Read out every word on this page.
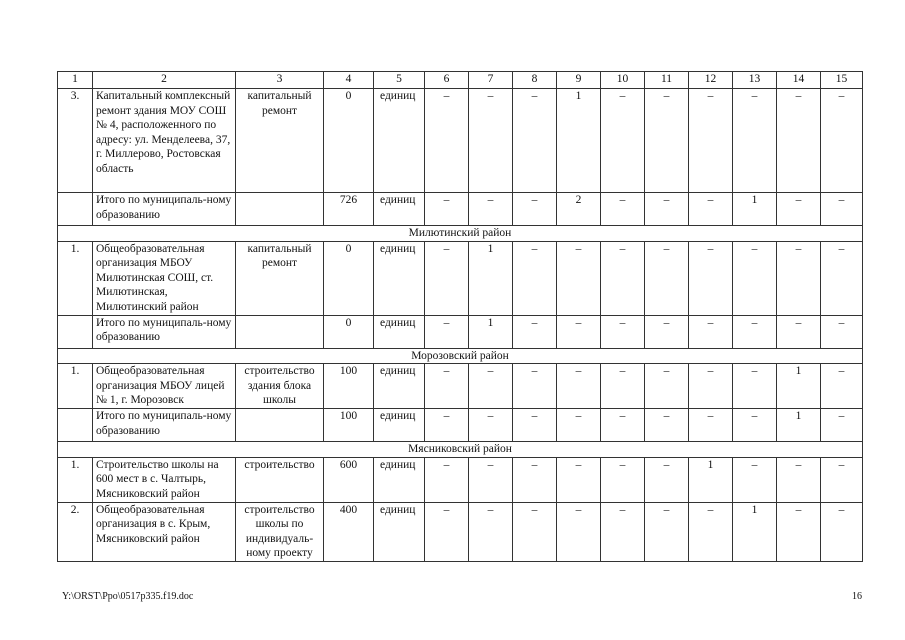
1	2	3	4	5	6	7	8	9	10	11	12	13	14	15
3.	Капитальный комплексный ремонт здания МОУ СОШ № 4, расположенного по адресу: ул. Менделеева, 37, г. Миллерово, Ростовская область	капитальный ремонт	0	единиц	–	–	–	1	–	–	–	–	–	–
	Итого по муниципаль-ному образованию		726	единиц	–	–	–	2	–	–	–	1	–	–
Милютинский район														
1.	Общеобразовательная организация МБОУ Милютинская СОШ, ст. Милютинская, Милютинский район	капитальный ремонт	0	единиц	–	1	–	–	–	–	–	–	–	–
	Итого по муниципаль-ному образованию		0	единиц	–	1	–	–	–	–	–	–	–	–
Морозовский район														
1.	Общеобразовательная организация МБОУ лицей № 1, г. Морозовск	строительство здания блока школы	100	единиц	–	–	–	–	–	–	–	–	1	–
	Итого по муниципаль-ному образованию		100	единиц	–	–	–	–	–	–	–	–	1	–
Мясниковский район														
1.	Строительство школы на 600 мест в с. Чалтырь, Мясниковский район	строительство	600	единиц	–	–	–	–	–	–	1	–	–	–
2.	Общеобразовательная организация в с. Крым, Мясниковский район	строительство школы по индивидуаль-ному проекту	400	единиц	–	–	–	–	–	–	–	1	–	–
Y:\ORST\Ppo\0517p335.f19.doc	16
